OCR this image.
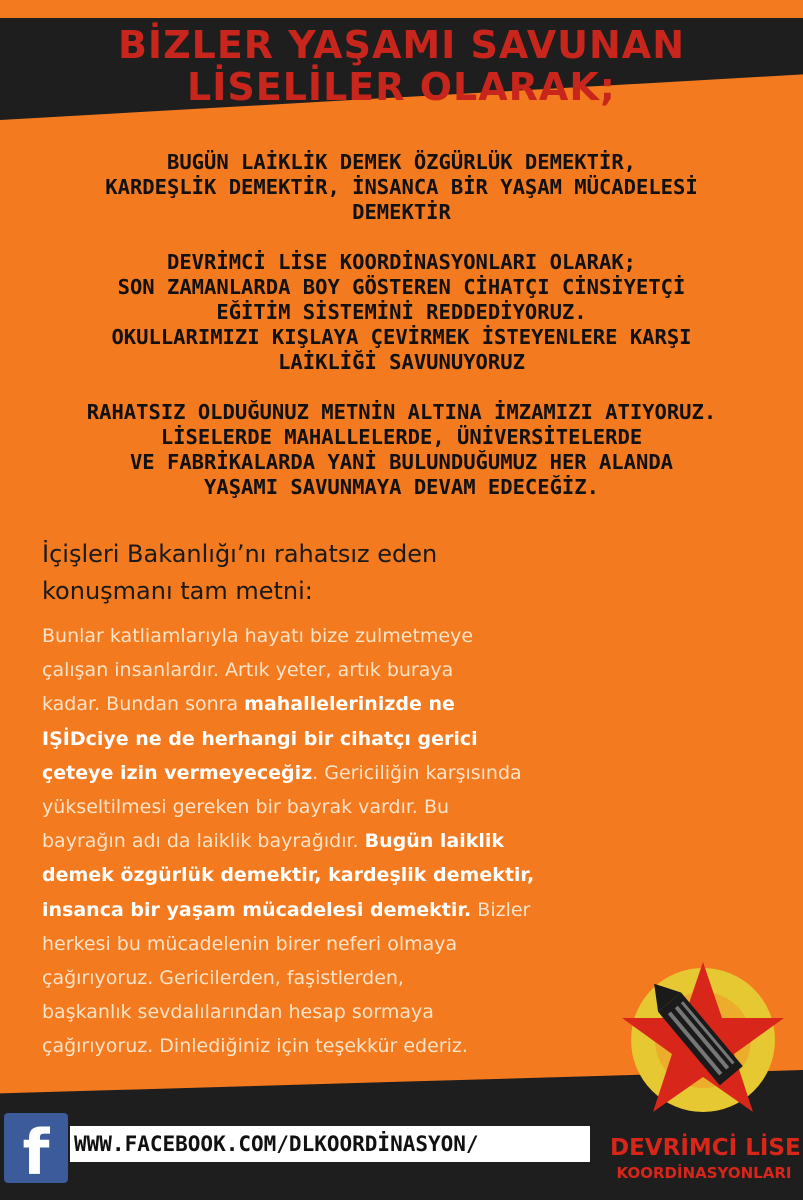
BİZLER YAŞAMI SAVUNAN
LİSELİLER OLARAK;
BUGÜN LAİKLİK DEMEK ÖZGÜRLÜK DEMEKTİR,
KARDEŞLİK DEMEKTİR, İNSANCA BİR YAŞAM MÜCADELESİ
DEMEKTİR
DEVRİMCİ LİSE KOORDİNASYONLARI OLARAK;
SON ZAMANLARDA BOY GÖSTEREN CİHATÇI CİNSİYETÇİ
EĞİTİM SİSTEMİNİ REDDEDİYORUZ.
OKULLARIMIZI KIŞLAYA ÇEVİRMEK İSTEYENLERE KARŞI
LAİKLİĞİ SAVUNUYORUZ
RAHATSIZ OLDUĞUNUZ METNİN ALTINA İMZAMIZI ATIYORUZ.
LİSELERDE MAHALLELERDE, ÜNİVERSİTELERDE
VE FABRİKALARDA YANİ BULUNDUĞUMUZ HER ALANDA
YAŞAMI SAVUNMAYA DEVAM EDECEĞİZ.
İçişleri Bakanlığı’nı rahatsız eden
konuşmanı tam metni:
Bunlar katliamlarıyla hayatı bize zulmetmeye
çalışan insanlardır. Artık yeter, artık buraya
kadar. Bundan sonra mahallelerinizde ne
IŞİDciye ne de herhangi bir cihatçı gerici
çeteye izin vermeyeceğiz. Gericiliğin karşısında
yükseltilmesi gereken bir bayrak vardır. Bu
bayrağın adı da laiklik bayrağıdır. Bugün laiklik
demek özgürlük demektir, kardeşlik demektir,
insanca bir yaşam mücadelesi demektir. Bizler
herkesi bu mücadelenin birer neferi olmaya
çağırıyoruz. Gericilerden, faşistlerden,
başkanlık sevdalılarından hesap sormaya
çağırıyoruz. Dinlediğiniz için teşekkür ederiz.
f	WWW.FACEBOOK.COM/DLKOORDİNASYON/	DEVRİMCİ LİSE
KOORDİNASYONLARI
